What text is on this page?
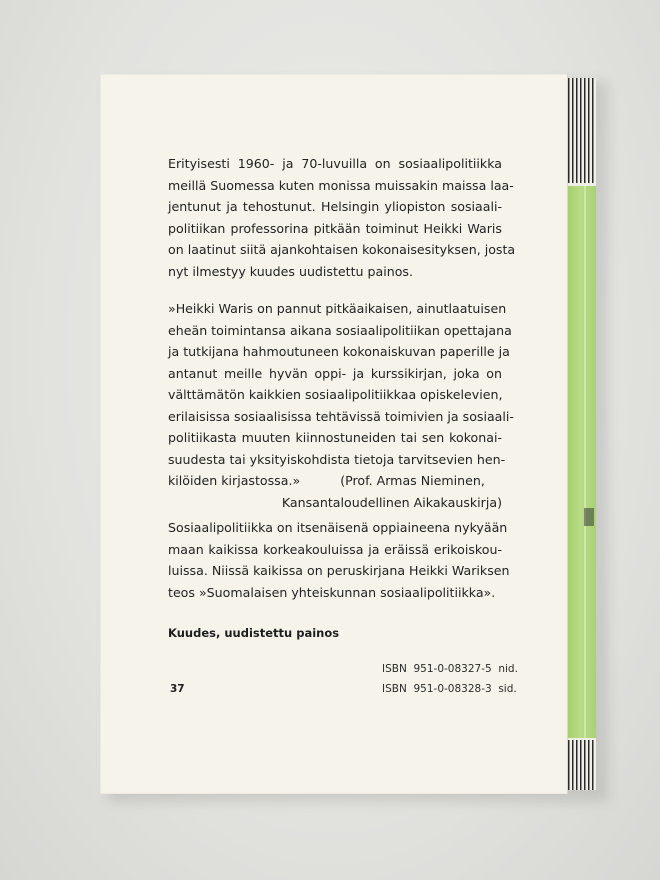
Erityisesti 1960- ja 70-luvuilla on sosiaalipolitiikka
meillä Suomessa kuten monissa muissakin maissa laa-
jentunut ja tehostunut. Helsingin yliopiston sosiaali-
politiikan professorina pitkään toiminut Heikki Waris
on laatinut siitä ajankohtaisen kokonaisesityksen, josta
nyt ilmestyy kuudes uudistettu painos.
»Heikki Waris on pannut pitkäaikaisen, ainutlaatuisen
eheän toimintansa aikana sosiaalipolitiikan opettajana
ja tutkijana hahmoutuneen kokonaiskuvan paperille ja
antanut meille hyvän oppi- ja kurssikirjan, joka on
välttämätön kaikkien sosiaalipolitiikkaa opiskelevien,
erilaisissa sosiaalisissa tehtävissä toimivien ja sosiaali-
politiikasta muuten kiinnostuneiden tai sen kokonai-
suudesta tai yksityiskohdista tietoja tarvitsevien hen-
kilöiden kirjastossa.»          (Prof. Armas Nieminen,
Kansantaloudellinen Aikakauskirja)
Sosiaalipolitiikka on itsenäisenä oppiaineena nykyään
maan kaikissa korkeakouluissa ja eräissä erikoiskou-
luissa. Niissä kaikissa on peruskirjana Heikki Wariksen
teos »Suomalaisen yhteiskunnan sosiaalipolitiikka».
Kuudes, uudistettu painos
37
ISBN  951-0-08327-5  nid.
ISBN  951-0-08328-3  sid.
